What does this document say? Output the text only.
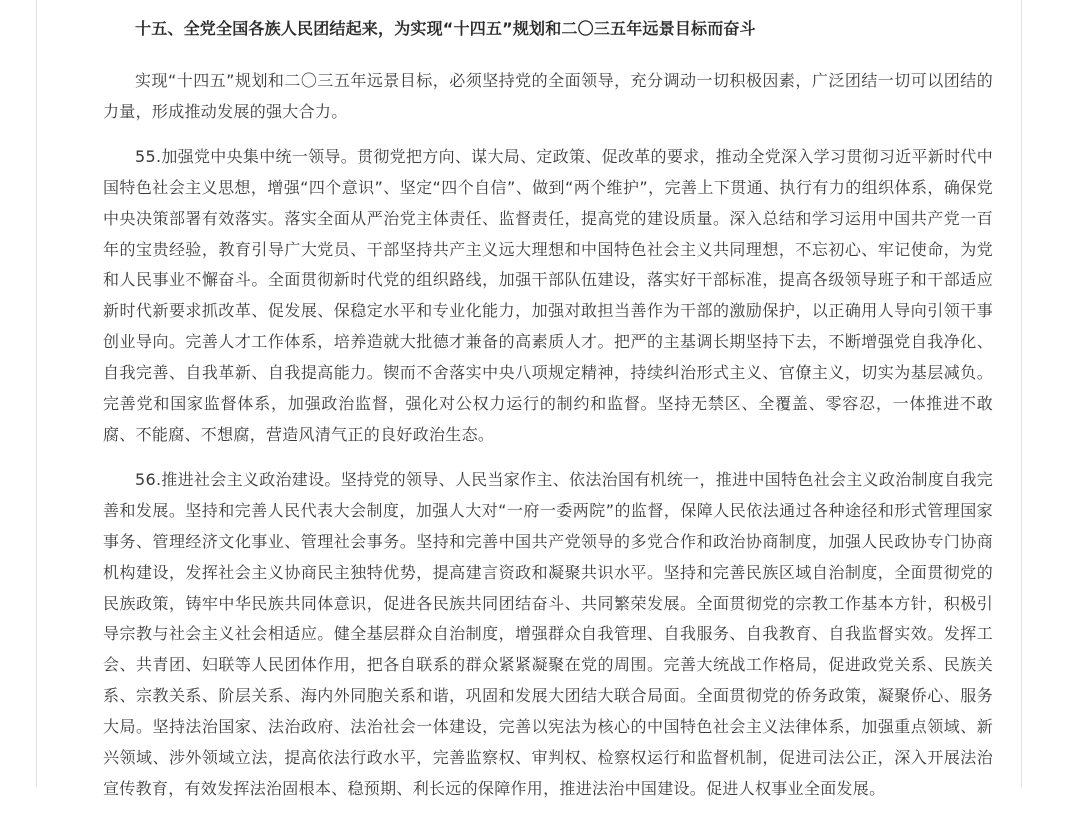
十五、全党全国各族人民团结起来，为实现“十四五”规划和二〇三五年远景目标而奋斗

实现“十四五”规划和二〇三五年远景目标，必须坚持党的全面领导，充分调动一切积极因素，广泛团结一切可以团结的力量，形成推动发展的强大合力。

55.加强党中央集中统一领导。贯彻党把方向、谋大局、定政策、促改革的要求，推动全党深入学习贯彻习近平新时代中国特色社会主义思想，增强“四个意识”、坚定“四个自信”、做到“两个维护”，完善上下贯通、执行有力的组织体系，确保党中央决策部署有效落实。落实全面从严治党主体责任、监督责任，提高党的建设质量。深入总结和学习运用中国共产党一百年的宝贵经验，教育引导广大党员、干部坚持共产主义远大理想和中国特色社会主义共同理想，不忘初心、牢记使命，为党和人民事业不懈奋斗。全面贯彻新时代党的组织路线，加强干部队伍建设，落实好干部标准，提高各级领导班子和干部适应新时代新要求抓改革、促发展、保稳定水平和专业化能力，加强对敢担当善作为干部的激励保护，以正确用人导向引领干事创业导向。完善人才工作体系，培养造就大批德才兼备的高素质人才。把严的主基调长期坚持下去，不断增强党自我净化、自我完善、自我革新、自我提高能力。锲而不舍落实中央八项规定精神，持续纠治形式主义、官僚主义，切实为基层减负。完善党和国家监督体系，加强政治监督，强化对公权力运行的制约和监督。坚持无禁区、全覆盖、零容忍，一体推进不敢腐、不能腐、不想腐，营造风清气正的良好政治生态。

56.推进社会主义政治建设。坚持党的领导、人民当家作主、依法治国有机统一，推进中国特色社会主义政治制度自我完善和发展。坚持和完善人民代表大会制度，加强人大对“一府一委两院”的监督，保障人民依法通过各种途径和形式管理国家事务、管理经济文化事业、管理社会事务。坚持和完善中国共产党领导的多党合作和政治协商制度，加强人民政协专门协商机构建设，发挥社会主义协商民主独特优势，提高建言资政和凝聚共识水平。坚持和完善民族区域自治制度，全面贯彻党的民族政策，铸牢中华民族共同体意识，促进各民族共同团结奋斗、共同繁荣发展。全面贯彻党的宗教工作基本方针，积极引导宗教与社会主义社会相适应。健全基层群众自治制度，增强群众自我管理、自我服务、自我教育、自我监督实效。发挥工会、共青团、妇联等人民团体作用，把各自联系的群众紧紧凝聚在党的周围。完善大统战工作格局，促进政党关系、民族关系、宗教关系、阶层关系、海内外同胞关系和谐，巩固和发展大团结大联合局面。全面贯彻党的侨务政策，凝聚侨心、服务大局。坚持法治国家、法治政府、法治社会一体建设，完善以宪法为核心的中国特色社会主义法律体系，加强重点领域、新兴领域、涉外领域立法，提高依法行政水平，完善监察权、审判权、检察权运行和监督机制，促进司法公正，深入开展法治宣传教育，有效发挥法治固根本、稳预期、利长远的保障作用，推进法治中国建设。促进人权事业全面发展。
